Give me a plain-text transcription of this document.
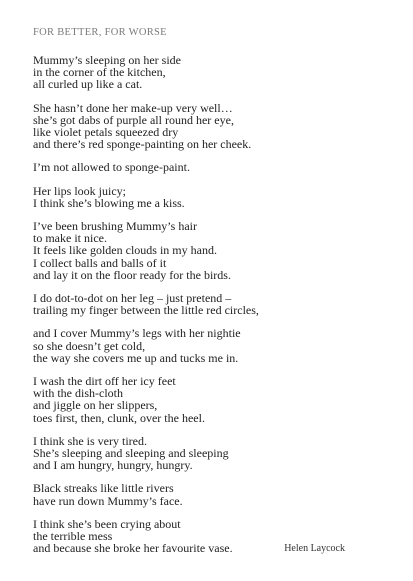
FOR BETTER, FOR WORSE
Mummy’s sleeping on her side
in the corner of the kitchen,
all curled up like a cat.
She hasn’t done her make-up very well…
she’s got dabs of purple all round her eye,
like violet petals squeezed dry
and there’s red sponge-painting on her cheek.
I’m not allowed to sponge-paint.
Her lips look juicy;
I think she’s blowing me a kiss.
I’ve been brushing Mummy’s hair
to make it nice.
It feels like golden clouds in my hand.
I collect balls and balls of it
and lay it on the floor ready for the birds.
I do dot-to-dot on her leg – just pretend –
trailing my finger between the little red circles,
and I cover Mummy’s legs with her nightie
so she doesn’t get cold,
the way she covers me up and tucks me in.
I wash the dirt off her icy feet
with the dish-cloth
and jiggle on her slippers,
toes first, then, clunk, over the heel.
I think she is very tired.
She’s sleeping and sleeping and sleeping
and I am hungry, hungry, hungry.
Black streaks like little rivers
have run down Mummy’s face.
I think she’s been crying about
the terrible mess
and because she broke her favourite vase.	Helen Laycock
